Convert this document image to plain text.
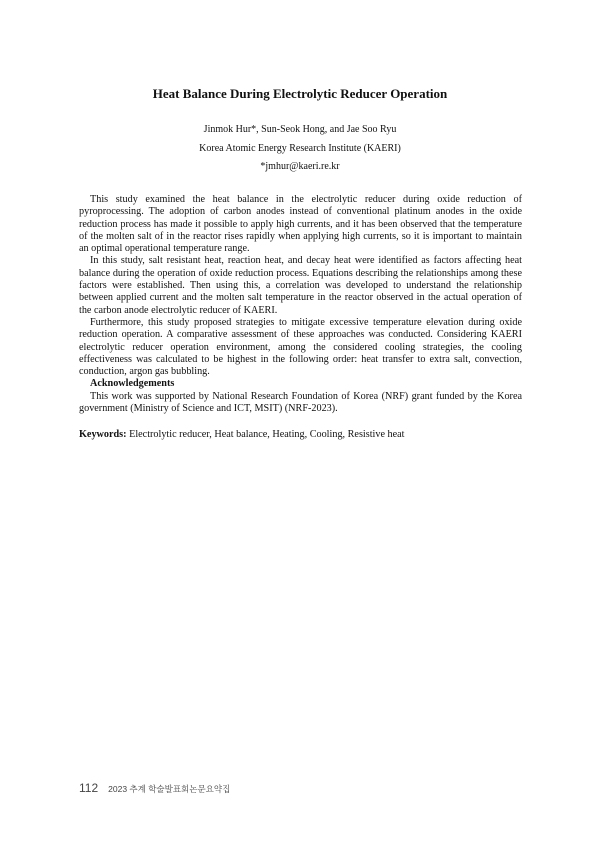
Heat Balance During Electrolytic Reducer Operation
Jinmok Hur*, Sun-Seok Hong, and Jae Soo Ryu
Korea Atomic Energy Research Institute (KAERI)
*jmhur@kaeri.re.kr

This study examined the heat balance in the electrolytic reducer during oxide reduction of pyroprocessing. The adoption of carbon anodes instead of conventional platinum anodes in the oxide reduction process has made it possible to apply high currents, and it has been observed that the temperature of the molten salt of in the reactor rises rapidly when applying high currents, so it is important to maintain an optimal operational temperature range.

In this study, salt resistant heat, reaction heat, and decay heat were identified as factors affecting heat balance during the operation of oxide reduction process. Equations describing the relationships among these factors were established. Then using this, a correlation was developed to understand the relationship between applied current and the molten salt temperature in the reactor observed in the actual operation of the carbon anode electrolytic reducer of KAERI.

Furthermore, this study proposed strategies to mitigate excessive temperature elevation during oxide reduction operation. A comparative assessment of these approaches was conducted. Considering KAERI electrolytic reducer operation environment, among the considered cooling strategies, the cooling effectiveness was calculated to be highest in the following order: heat transfer to extra salt, convection, conduction, argon gas bubbling.

Acknowledgements

This work was supported by National Research Foundation of Korea (NRF) grant funded by the Korea government (Ministry of Science and ICT, MSIT) (NRF-2023).

Keywords: Electrolytic reducer, Heat balance, Heating, Cooling, Resistive heat
112 2023 추계 학술발표회논문요약집
